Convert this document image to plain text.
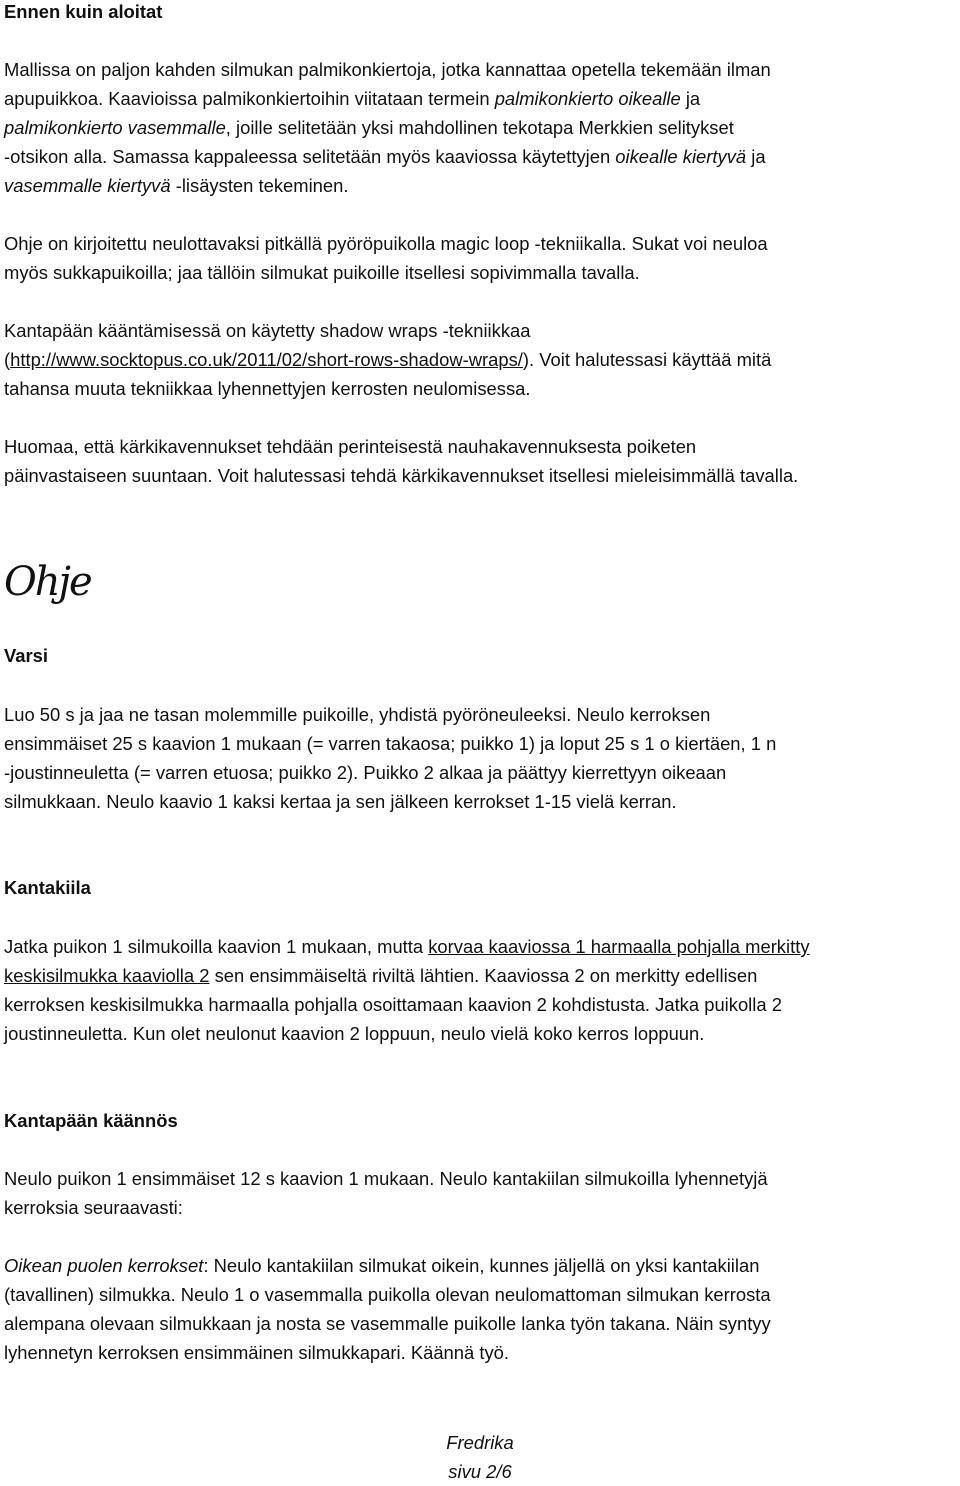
Ennen kuin aloitat
Mallissa on paljon kahden silmukan palmikonkiertoja, jotka kannattaa opetella tekemään ilman
apupuikkoa. Kaavioissa palmikonkiertoihin viitataan termein palmikonkierto oikealle ja
palmikonkierto vasemmalle, joille selitetään yksi mahdollinen tekotapa Merkkien selitykset
-otsikon alla. Samassa kappaleessa selitetään myös kaaviossa käytettyjen oikealle kiertyvä ja
vasemmalle kiertyvä -lisäysten tekeminen.
Ohje on kirjoitettu neulottavaksi pitkällä pyöröpuikolla magic loop -tekniikalla. Sukat voi neuloa
myös sukkapuikoilla; jaa tällöin silmukat puikoille itsellesi sopivimmalla tavalla.
Kantapään kääntämisessä on käytetty shadow wraps -tekniikkaa
(http://www.socktopus.co.uk/2011/02/short-rows-shadow-wraps/). Voit halutessasi käyttää mitä
tahansa muuta tekniikkaa lyhennettyjen kerrosten neulomisessa.
Huomaa, että kärkikavennukset tehdään perinteisestä nauhakavennuksesta poiketen
päinvastaiseen suuntaan. Voit halutessasi tehdä kärkikavennukset itsellesi mieleisimmällä tavalla.
Ohje
Varsi
Luo 50 s ja jaa ne tasan molemmille puikoille, yhdistä pyöröneuleeksi. Neulo kerroksen
ensimmäiset 25 s kaavion 1 mukaan (= varren takaosa; puikko 1) ja loput 25 s 1 o kiertäen, 1 n
-joustinneuletta (= varren etuosa; puikko 2). Puikko 2 alkaa ja päättyy kierrettyyn oikeaan
silmukkaan. Neulo kaavio 1 kaksi kertaa ja sen jälkeen kerrokset 1-15 vielä kerran.
Kantakiila
Jatka puikon 1 silmukoilla kaavion 1 mukaan, mutta korvaa kaaviossa 1 harmaalla pohjalla merkitty
keskisilmukka kaaviolla 2 sen ensimmäiseltä riviltä lähtien. Kaaviossa 2 on merkitty edellisen
kerroksen keskisilmukka harmaalla pohjalla osoittamaan kaavion 2 kohdistusta. Jatka puikolla 2
joustinneuletta. Kun olet neulonut kaavion 2 loppuun, neulo vielä koko kerros loppuun.
Kantapään käännös
Neulo puikon 1 ensimmäiset 12 s kaavion 1 mukaan. Neulo kantakiilan silmukoilla lyhennetyjä
kerroksia seuraavasti:
Oikean puolen kerrokset: Neulo kantakiilan silmukat oikein, kunnes jäljellä on yksi kantakiilan
(tavallinen) silmukka. Neulo 1 o vasemmalla puikolla olevan neulomattoman silmukan kerrosta
alempana olevaan silmukkaan ja nosta se vasemmalle puikolle lanka työn takana. Näin syntyy
lyhennetyn kerroksen ensimmäinen silmukkapari. Käännä työ.
Fredrika
sivu 2/6
